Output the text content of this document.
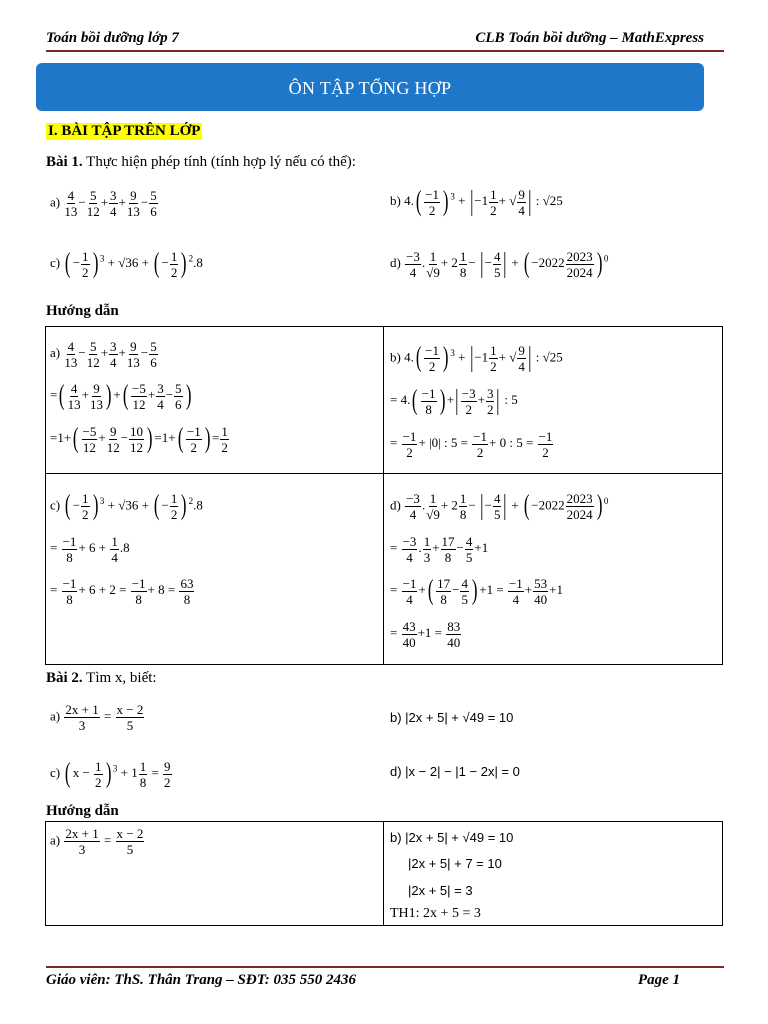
Toán bồi dưỡng lớp 7	CLB Toán bồi dưỡng – MathExpress
ÔN TẬP TỔNG HỢP
I. BÀI TẬP TRÊN LỚP
Bài 1. Thực hiện phép tính (tính hợp lý nếu có thể):
$a) \frac{4}{13} - \frac{5}{12} + \frac{3}{4} + \frac{9}{13} - \frac{5}{6}$	b) $4.( \frac{-1}{2}$ ) $^3 + |-1 \frac{1}{2}$ + √ $\frac{9}{4}$ | : √25
c) ( − $\frac{1}{2}$ ) $^3$ + √36 + ( − $\frac{1}{2}$ ) $^2$.8	$d) \frac{-3}{4}$ . $\frac{1}{√9} + 2 \frac{1}{8}$ − |− $\frac{4}{5}$ | + ( $-2022 \frac{2023}{2024}$ ) $^0$
Hướng dẫn
$a) \frac{4}{13} - \frac{5}{12} + \frac{3}{4} + \frac{9}{13} - \frac{5}{6}$

=( $\frac{4}{13} + \frac{9}{13}$ ) +( $\frac{-5}{12} + \frac{3}{4} - \frac{5}{6}$ )
$=1+( \frac{-5}{12} + \frac{9}{12} - \frac{10}{12}$ ) $=1+( \frac{-1}{2}$ ) = $\frac{1}{2}$
b) $4.( \frac{-1}{2}$ ) $^3 + |-1 \frac{1}{2}$ + √ $\frac{9}{4}$ | : √25
= $4.( \frac{-1}{8}$ ) +| $\frac{-3}{2} + \frac{3}{2}$ | : 5
= $\frac{-1}{2} + |0|$ : $5 = \frac{-1}{2} + 0$ : $5 = \frac{-1}{2}$
c) ( − $\frac{1}{2}$ ) $^3$ + √36 + ( − $\frac{1}{2}$ ) $^2$.8
= $\frac{-1}{8} + 6 + \frac{1}{4} .8$
= $\frac{-1}{8} + 6 + 2 = \frac{-1}{8} + 8 = \frac{63}{8}$
$d) \frac{-3}{4}$ . $\frac{1}{√9} + 2 \frac{1}{8}$ − |− $\frac{4}{5}$ | + ( $-2022 \frac{2023}{2024}$ ) $^0$
= $\frac{-3}{4}$ . $\frac{1}{3} + \frac{17}{8} - \frac{4}{5} +1$
= $\frac{-1}{4}$ +( $\frac{17}{8} - \frac{4}{5}$ ) $+1 = \frac{-1}{4} + \frac{53}{40} +1$
= $\frac{43}{40} +1 = \frac{83}{40}$
Bài 2. Tìm x, biết:
$a) \frac{2x + 1}{3} = \frac{x - 2}{5}$	b) |2x + 5| + √49 = 10
c) ( $x - \frac{1}{2}$ ) $^3 + 1 \frac{1}{8} = \frac{9}{2}$	d) |x − 2| − |1 − 2x| = 0
Hướng dẫn
$a) \frac{2x + 1}{3} = \frac{x - 2}{5}$	b) |2x + 5| + √49 = 10
|2x + 5| + 7 = 10
|2x + 5| = 3
TH1: 2x + 5 = 3
Giáo viên: ThS. Thân Trang – SĐT: 035 550 2436	Page 1
